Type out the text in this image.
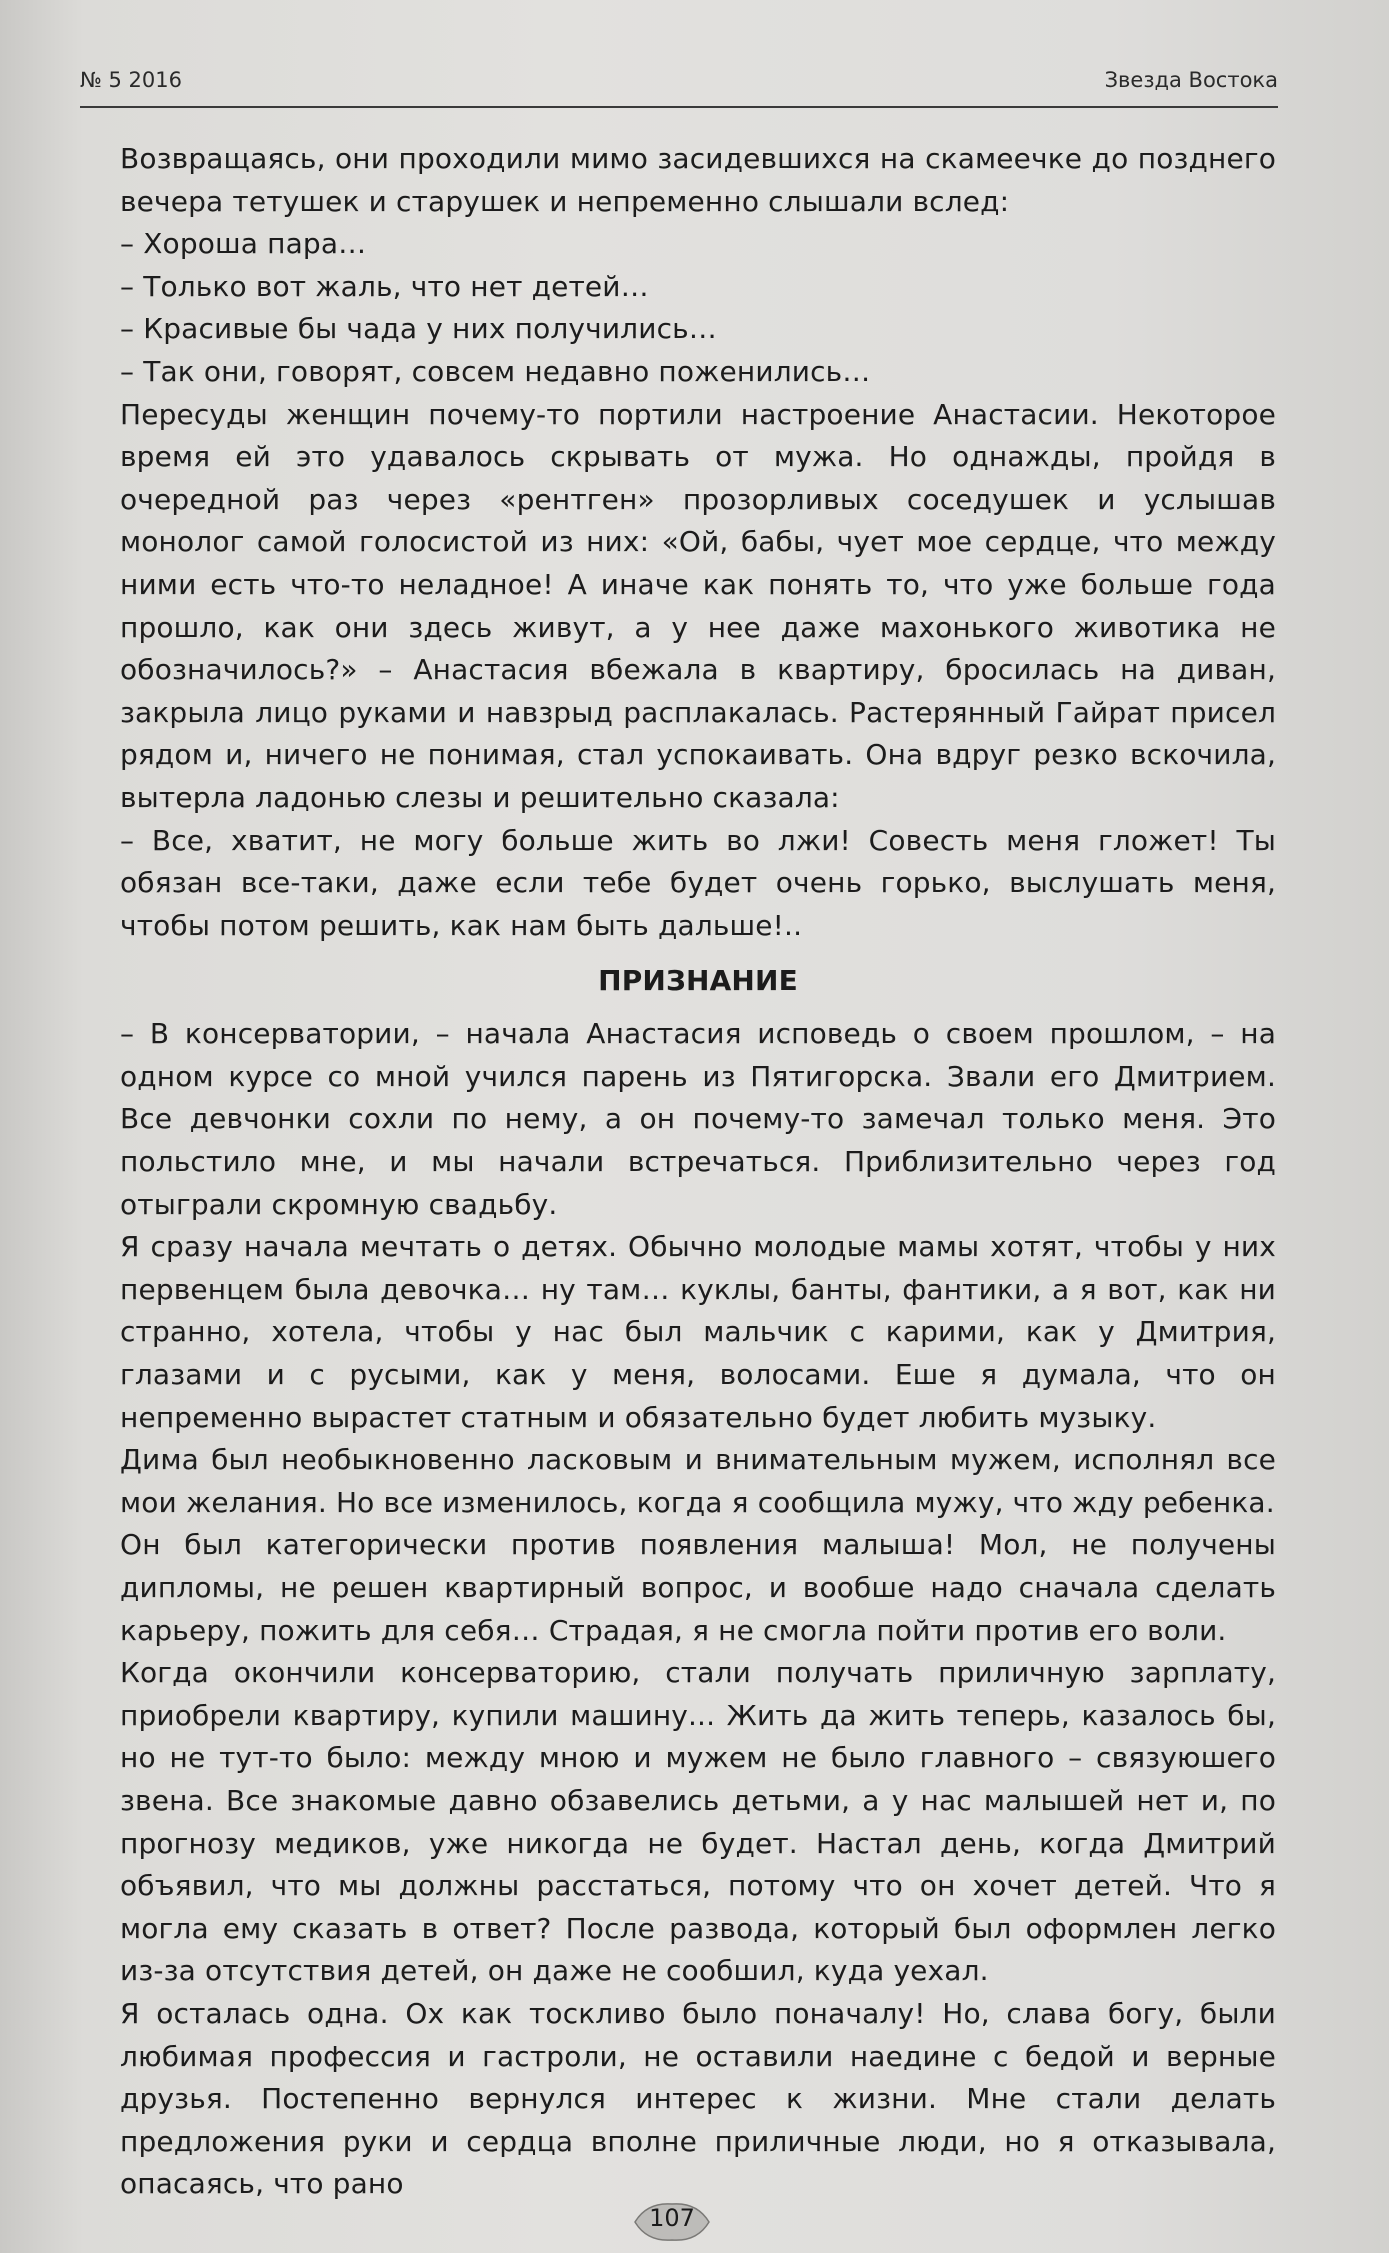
№ 5 2016	Звезда Востока

Возвращаясь, они проходили мимо засидевшихся на скамеечке до позднего вечера тетушек и старушек и непременно слышали вслед:

– Хороша пара…

– Только вот жаль, что нет детей…

– Красивые бы чада у них получились…

– Так они, говорят, совсем недавно поженились…

Пересуды женщин почему-то портили настроение Анастасии. Некоторое время ей это удавалось скрывать от мужа. Но однажды, пройдя в очередной раз через «рентген» прозорливых соседушек и услышав монолог самой голосистой из них: «Ой, бабы, чует мое сердце, что между ними есть что-то неладное! А иначе как понять то, что уже больше года прошло, как они здесь живут, а у нее даже махонького животика не обозначилось?» – Анастасия вбежала в квартиру, бросилась на диван, закрыла лицо руками и навзрыд расплакалась. Растерянный Гайрат присел рядом и, ничего не понимая, стал успокаивать. Она вдруг резко вскочила, вытерла ладонью слезы и решительно сказала:

– Все, хватит, не могу больше жить во лжи! Совесть меня гложет! Ты обязан все-таки, даже если тебе будет очень горько, выслушать меня, чтобы потом решить, как нам быть дальше!..

ПРИЗНАНИЕ

– В консерватории, – начала Анастасия исповедь о своем прошлом, – на одном курсе со мной учился парень из Пятигорска. Звали его Дмитрием. Все девчонки сохли по нему, а он почему-то замечал только меня. Это польстило мне, и мы начали встречаться. Приблизительно через год отыграли скромную свадьбу.

Я сразу начала мечтать о детях. Обычно молодые мамы хотят, чтобы у них первенцем была девочка… ну там… куклы, банты, фантики, а я вот, как ни странно, хотела, чтобы у нас был мальчик с карими, как у Дмитрия, глазами и с русыми, как у меня, волосами. Еше я думала, что он непременно вырастет статным и обязательно будет любить музыку.

Дима был необыкновенно ласковым и внимательным мужем, исполнял все мои желания. Но все изменилось, когда я сообщила мужу, что жду ребенка.

Он был категорически против появления малыша! Мол, не получены дипломы, не решен квартирный вопрос, и вообше надо сначала сделать карьеру, пожить для себя… Страдая, я не смогла пойти против его воли.

Когда окончили консерваторию, стали получать приличную зарплату, приобрели квартиру, купили машину... Жить да жить теперь, казалось бы, но не тут-то было: между мною и мужем не было главного – связуюшего звена. Все знакомые давно обзавелись детьми, а у нас малышей нет и, по прогнозу медиков, уже никогда не будет. Настал день, когда Дмитрий объявил, что мы должны расстаться, потому что он хочет детей. Что я могла ему сказать в ответ? После развода, который был оформлен легко из-за отсутствия детей, он даже не сообшил, куда уехал.

Я осталась одна. Ох как тоскливо было поначалу! Но, слава богу, были любимая профессия и гастроли, не оставили наедине с бедой и верные друзья. Постепенно вернулся интерес к жизни. Мне стали делать предложения руки и сердца вполне приличные люди, но я отказывала, опасаясь, что рано

107
